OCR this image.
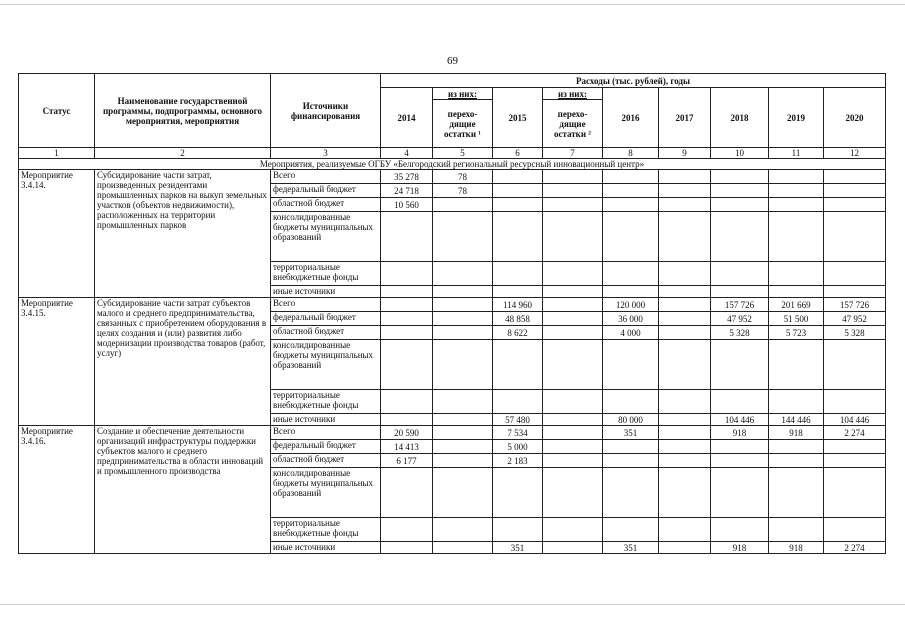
69
Статус	Наименование государственной программы, подпрограммы, основного мероприятия, мероприятия	Источники финансирования	Расходы (тыс. рублей), годы								
			2014	из них:	2015	из них:	2016	2017	2018	2019	2020
				перехо-дящие остатки ¹		перехо-дящие остатки ²					
1	2	3	4	5	6	7	8	9	10	11	12
Мероприятия, реализуемые ОГБУ «Белгородский региональный ресурсный инновационный центр»											
Мероприятие 3.4.14.	Субсидирование части затрат, произведенных резидентами промышленных парков на выкуп земельных участков (объектов недвижимости), расположенных на территории промышленных парков	Всего	35 278	78							
		федеральный бюджет	24 718	78							
		областной бюджет	10 560								
		консолидированные бюджеты муниципальных образований									
		территориальные внебюджетные фонды									
		иные источники									
Мероприятие 3.4.15.	Субсидирование части затрат субъектов малого и среднего предпринимательства, связанных с приобретением оборудования в целях создания и (или) развития либо модернизации производства товаров (работ, услуг)	Всего			114 960		120 000		157 726	201 669	157 726
		федеральный бюджет			48 858		36 000		47 952	51 500	47 952
		областной бюджет			8 622		4 000		5 328	5 723	5 328
		консолидированные бюджеты муниципальных образований									
		территориальные внебюджетные фонды									
		иные источники			57 480		80 000		104 446	144 446	104 446
Мероприятие 3.4.16.	Создание и обеспечение деятельности организаций инфраструктуры поддержки субъектов малого и среднего предпринимательства в области инноваций и промышленного производства	Всего	20 590		7 534		351		918	918	2 274
		федеральный бюджет	14 413		5 000						
		областной бюджет	6 177		2 183						
		консолидированные бюджеты муниципальных образований									
		территориальные внебюджетные фонды									
		иные источники			351		351		918	918	2 274
